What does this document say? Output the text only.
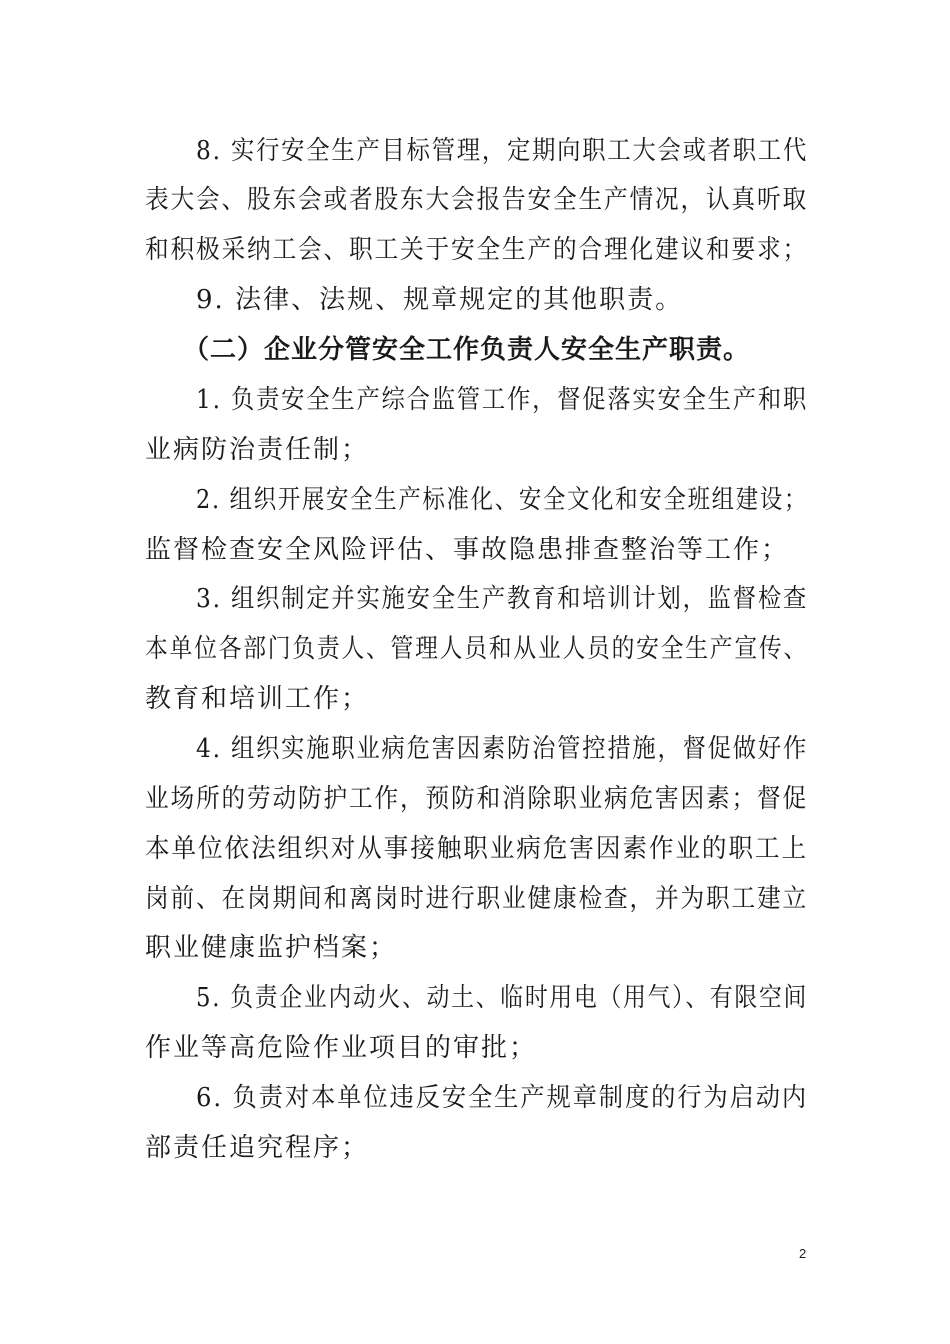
8. 实行安全生产目标管理，定期向职工大会或者职工代
表大会、股东会或者股东大会报告安全生产情况，认真听取
和积极采纳工会、职工关于安全生产的合理化建议和要求；
9. 法律、法规、规章规定的其他职责。
（二）企业分管安全工作负责人安全生产职责。
1. 负责安全生产综合监管工作，督促落实安全生产和职
业病防治责任制；
2. 组织开展安全生产标准化、安全文化和安全班组建设；
监督检查安全风险评估、事故隐患排查整治等工作；
3. 组织制定并实施安全生产教育和培训计划，监督检查
本单位各部门负责人、管理人员和从业人员的安全生产宣传、
教育和培训工作；
4. 组织实施职业病危害因素防治管控措施，督促做好作
业场所的劳动防护工作，预防和消除职业病危害因素；督促
本单位依法组织对从事接触职业病危害因素作业的职工上
岗前、在岗期间和离岗时进行职业健康检查，并为职工建立
职业健康监护档案；
5. 负责企业内动火、动土、临时用电（用气）、有限空间
作业等高危险作业项目的审批；
6. 负责对本单位违反安全生产规章制度的行为启动内
部责任追究程序；
2
